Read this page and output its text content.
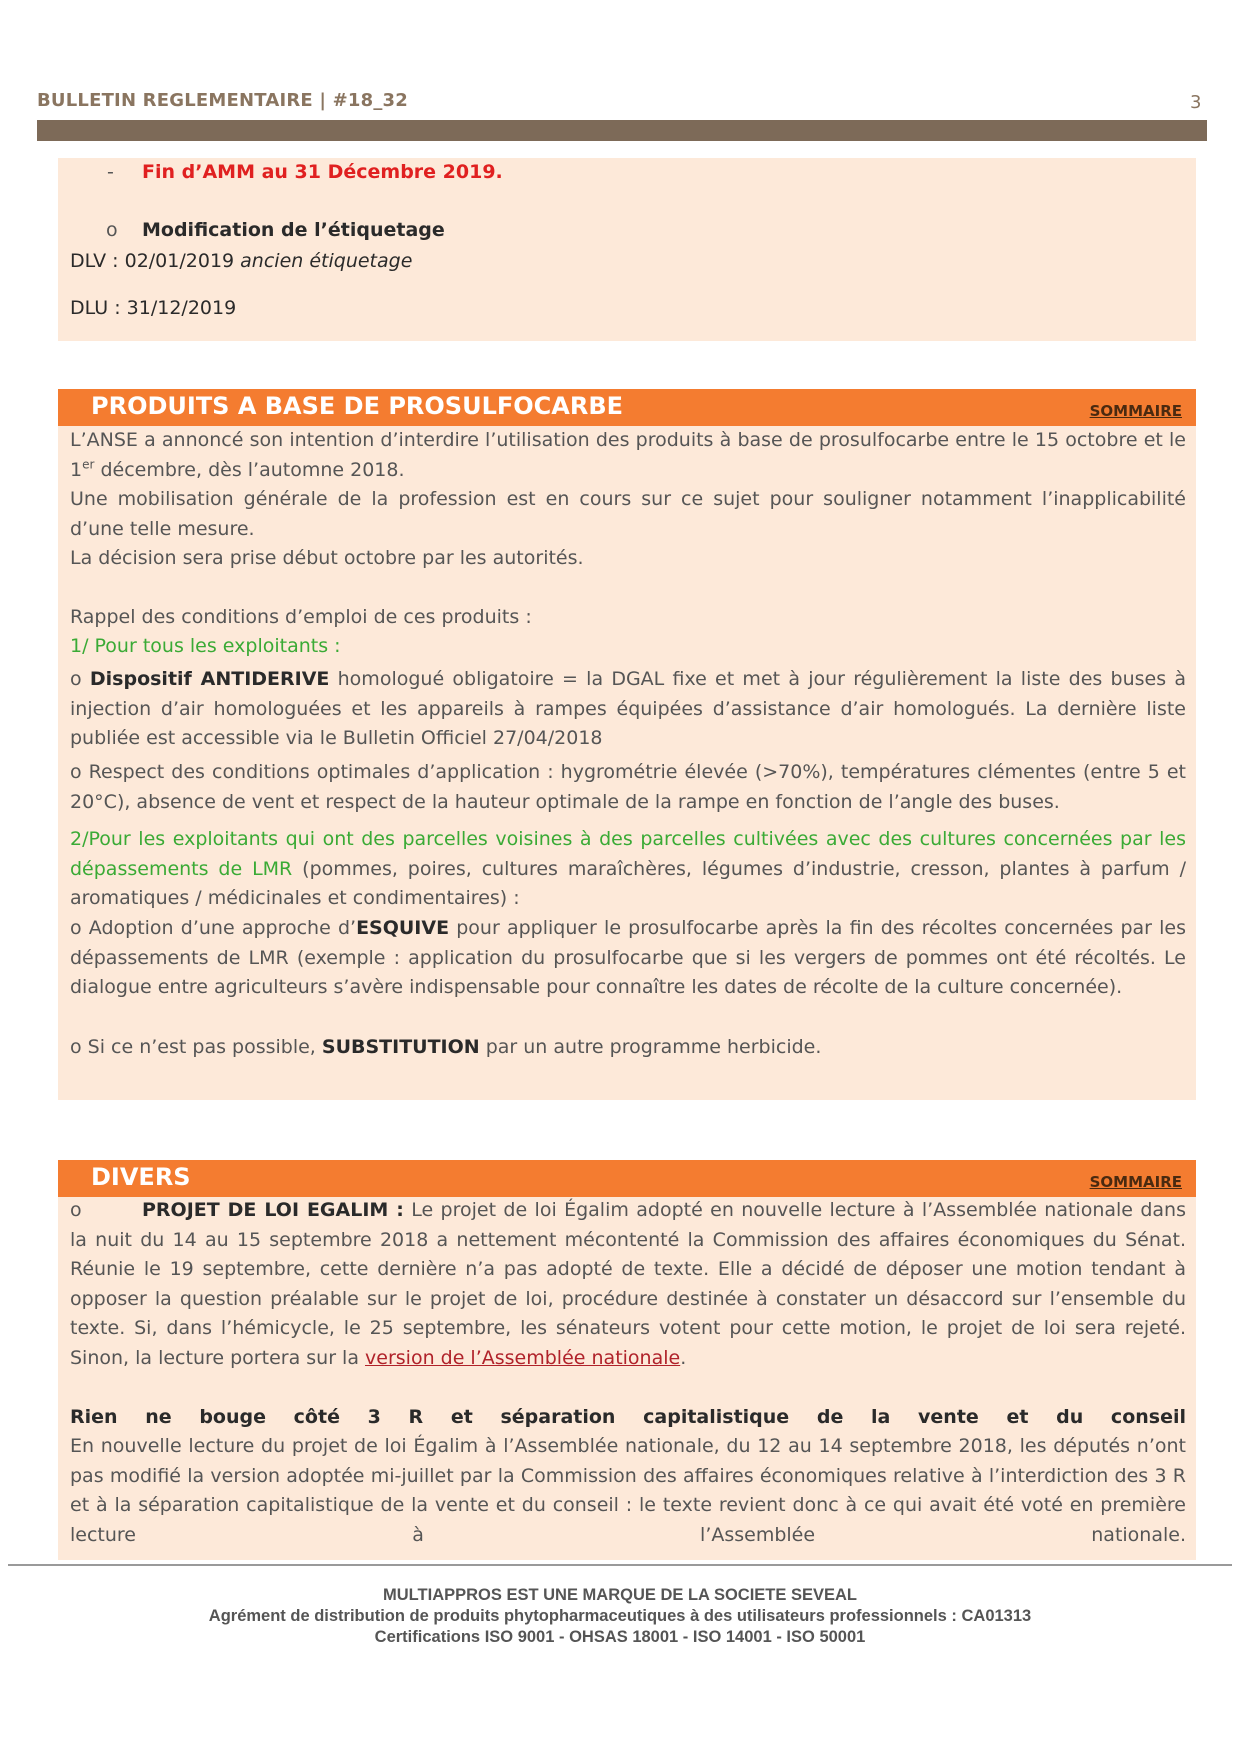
BULLETIN REGLEMENTAIRE | #18_32	3
- Fin d’AMM au 31 Décembre 2019.
o Modification de l’étiquetage
DLV : 02/01/2019 ancien étiquetage
DLU : 31/12/2019
PRODUITS A BASE DE PROSULFOCARBE	SOMMAIRE

L’ANSE a annoncé son intention d’interdire l’utilisation des produits à base de prosulfocarbe entre le 15 octobre et le 1er décembre, dès l’automne 2018.

Une mobilisation générale de la profession est en cours sur ce sujet pour souligner notamment l’inapplicabilité d’une telle mesure.

La décision sera prise début octobre par les autorités.

Rappel des conditions d’emploi de ces produits :

1/ Pour tous les exploitants :

o Dispositif ANTIDERIVE homologué obligatoire = la DGAL fixe et met à jour régulièrement la liste des buses à injection d’air homologuées et les appareils à rampes équipées d’assistance d’air homologués. La dernière liste publiée est accessible via le Bulletin Officiel 27/04/2018

o Respect des conditions optimales d’application : hygrométrie élevée (>70%), températures clémentes (entre 5 et 20°C), absence de vent et respect de la hauteur optimale de la rampe en fonction de l’angle des buses.

2/Pour les exploitants qui ont des parcelles voisines à des parcelles cultivées avec des cultures concernées par les dépassements de LMR (pommes, poires, cultures maraîchères, légumes d’industrie, cresson, plantes à parfum / aromatiques / médicinales et condimentaires) :

o Adoption d’une approche d’ESQUIVE pour appliquer le prosulfocarbe après la fin des récoltes concernées par les dépassements de LMR (exemple : application du prosulfocarbe que si les vergers de pommes ont été récoltés. Le dialogue entre agriculteurs s’avère indispensable pour connaître les dates de récolte de la culture concernée).

o Si ce n’est pas possible, SUBSTITUTION par un autre programme herbicide.

DIVERS	SOMMAIRE
o	PROJET DE LOI EGALIM : Le projet de loi Égalim adopté en nouvelle lecture à l’Assemblée nationale dans la nuit du 14 au 15 septembre 2018 a nettement mécontenté la Commission des affaires économiques du Sénat. Réunie le 19 septembre, cette dernière n’a pas adopté de texte. Elle a décidé de déposer une motion tendant à opposer la question préalable sur le projet de loi, procédure destinée à constater un désaccord sur l’ensemble du texte. Si, dans l’hémicycle, le 25 septembre, les sénateurs votent pour cette motion, le projet de loi sera rejeté. Sinon, la lecture portera sur la version de l’Assemblée nationale.

Rien ne bouge côté 3 R et séparation capitalistique de la vente et du conseil

En nouvelle lecture du projet de loi Égalim à l’Assemblée nationale, du 12 au 14 septembre 2018, les députés n’ont pas modifié la version adoptée mi-juillet par la Commission des affaires économiques relative à l’interdiction des 3 R et à la séparation capitalistique de la vente et du conseil : le texte revient donc à ce qui avait été voté en première lecture à l’Assemblée nationale.

MULTIAPPROS EST UNE MARQUE DE LA SOCIETE SEVEAL
Agrément de distribution de produits phytopharmaceutiques à des utilisateurs professionnels : CA01313
Certifications ISO 9001 - OHSAS 18001 - ISO 14001 - ISO 50001
